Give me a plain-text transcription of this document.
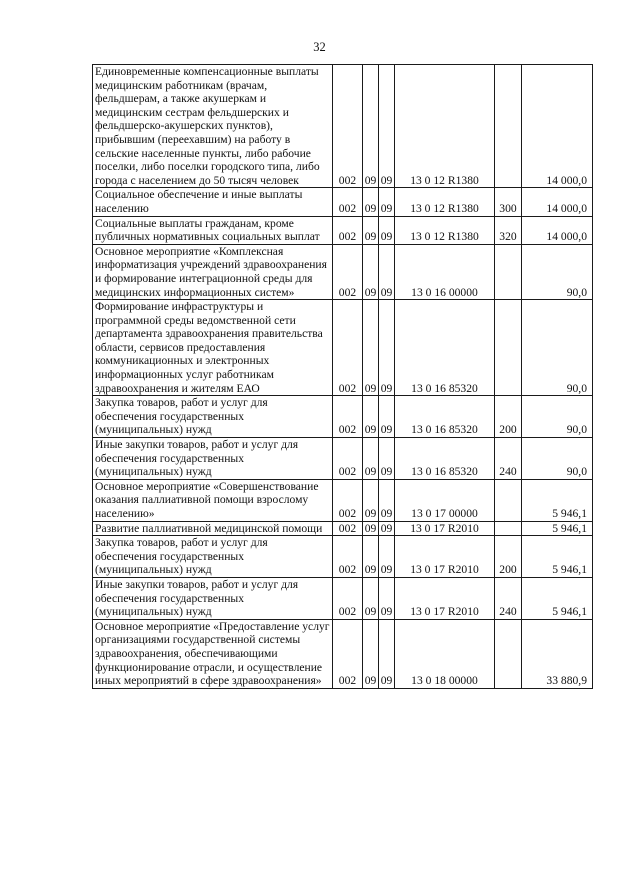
32
Единовременные компенсационные выплаты медицинским работникам (врачам, фельдшерам, а также акушеркам и медицинским сестрам фельдшерских и фельдшерско-акушерских пунктов), прибывшим (переехавшим) на работу в сельские населенные пункты, либо рабочие поселки, либо поселки городского типа, либо города с населением до 50 тысяч человек	002	09	09	13 0 12 R1380		14 000,0
Социальное обеспечение и иные выплаты населению	002	09	09	13 0 12 R1380	300	14 000,0
Социальные выплаты гражданам, кроме публичных нормативных социальных выплат	002	09	09	13 0 12 R1380	320	14 000,0
Основное мероприятие «Комплексная информатизация учреждений здравоохранения и формирование интеграционной среды для медицинских информационных систем»	002	09	09	13 0 16 00000		90,0
Формирование инфраструктуры и программной среды ведомственной сети департамента здравоохранения правительства области, сервисов предоставления коммуникационных и электронных информационных услуг работникам здравоохранения и жителям ЕАО	002	09	09	13 0 16 85320		90,0
Закупка товаров, работ и услуг для обеспечения государственных (муниципальных) нужд	002	09	09	13 0 16 85320	200	90,0
Иные закупки товаров, работ и услуг для обеспечения государственных (муниципальных) нужд	002	09	09	13 0 16 85320	240	90,0
Основное мероприятие «Совершенствование оказания паллиативной помощи взрослому населению»	002	09	09	13 0 17 00000		5 946,1
Развитие паллиативной медицинской помощи	002	09	09	13 0 17 R2010		5 946,1
Закупка товаров, работ и услуг для обеспечения государственных (муниципальных) нужд	002	09	09	13 0 17 R2010	200	5 946,1
Иные закупки товаров, работ и услуг для обеспечения государственных (муниципальных) нужд	002	09	09	13 0 17 R2010	240	5 946,1
Основное мероприятие «Предоставление услуг организациями государственной системы здравоохранения, обеспечивающими функционирование отрасли, и осуществление иных мероприятий в сфере здравоохранения»	002	09	09	13 0 18 00000		33 880,9
